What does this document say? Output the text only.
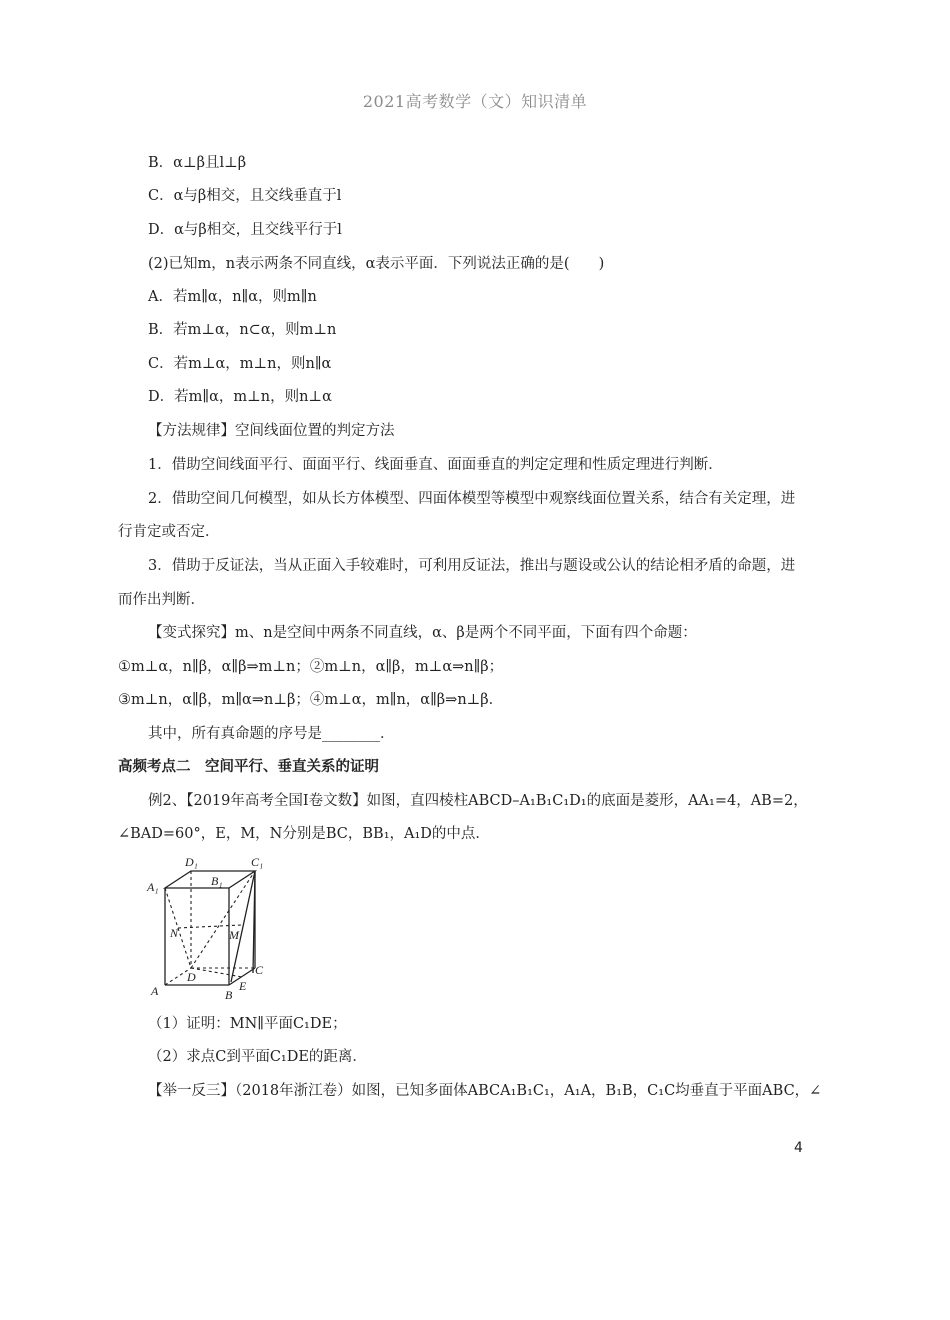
2021高考数学（文）知识清单
B．α⊥β且l⊥β
C．α与β相交，且交线垂直于l
D．α与β相交，且交线平行于l
(2)已知m，n表示两条不同直线，α表示平面．下列说法正确的是(　　)
A．若m∥α，n∥α，则m∥n
B．若m⊥α，n⊂α，则m⊥n
C．若m⊥α，m⊥n，则n∥α
D．若m∥α，m⊥n，则n⊥α
【方法规律】空间线面位置的判定方法
1．借助空间线面平行、面面平行、线面垂直、面面垂直的判定定理和性质定理进行判断．
2．借助空间几何模型，如从长方体模型、四面体模型等模型中观察线面位置关系，结合有关定理，进
行肯定或否定．
3．借助于反证法，当从正面入手较难时，可利用反证法，推出与题设或公认的结论相矛盾的命题，进
而作出判断．
【变式探究】m、n是空间中两条不同直线，α、β是两个不同平面，下面有四个命题：
①m⊥α，n∥β，α∥β⇒m⊥n；②m⊥n，α∥β，m⊥α⇒n∥β；
③m⊥n，α∥β，m∥α⇒n⊥β；④m⊥α，m∥n，α∥β⇒n⊥β．
其中，所有真命题的序号是________．
高频考点二　空间平行、垂直关系的证明
例2、【2019年高考全国Ⅰ卷文数】如图，直四棱柱ABCD–A₁B₁C₁D₁的底面是菱形，AA₁=4，AB=2，
∠BAD=60°，E，M，N分别是BC，BB₁，A₁D的中点．
D₁	C₁
A₁	B₁
N	M
D	C
A	B
E
（1）证明：MN∥平面C₁DE；
（2）求点C到平面C₁DE的距离．
【举一反三】（2018年浙江卷）如图，已知多面体ABCA₁B₁C₁，A₁A，B₁B，C₁C均垂直于平面ABC，∠
4
